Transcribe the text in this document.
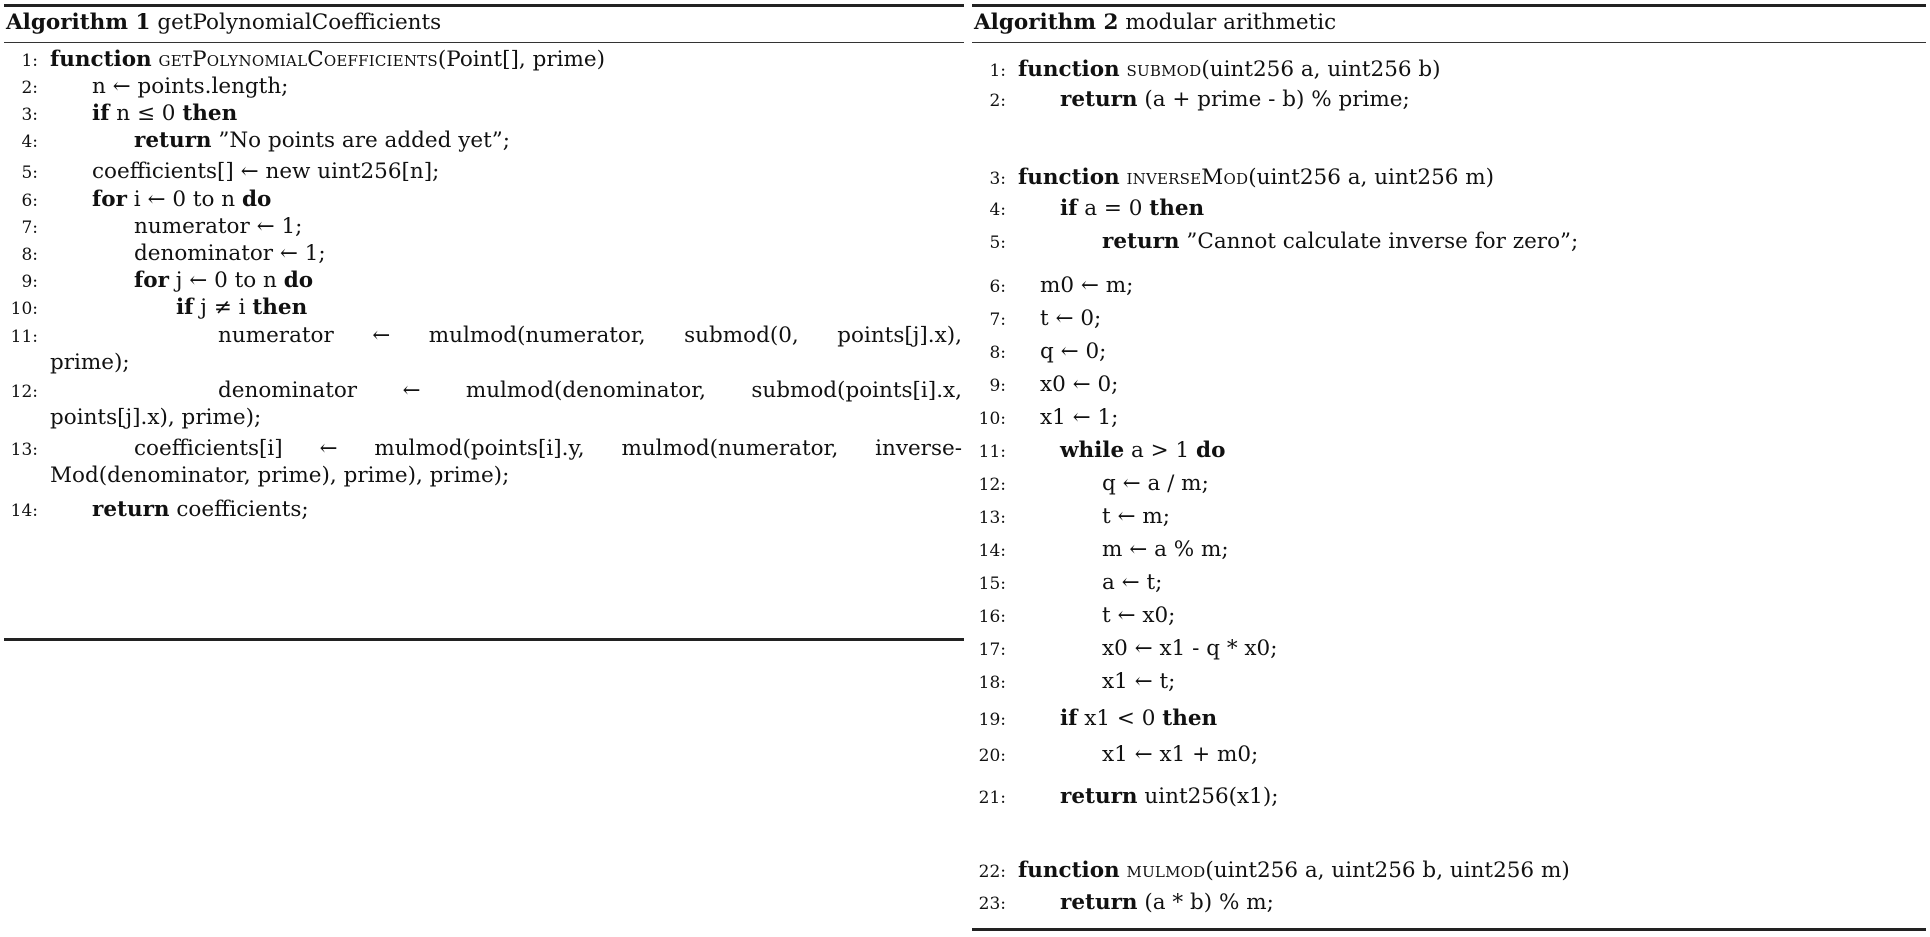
Algorithm 1 getPolynomialCoefficients
1: function getPolynomialCoefficients(Point[], prime)
2:	n ← points.length;
3:	if n ≤ 0 then
4:	return ”No points are added yet”;
5:	coefficients[] ← new uint256[n];
6:	for i ← 0 to n do
7:	numerator ← 1;
8:	denominator ← 1;
9:	for j ← 0 to n do
10:	if j ≠ i then
11:	numerator ← mulmod(numerator, submod(0, points[j].x),
prime);
12:	denominator ← mulmod(denominator, submod(points[i].x,
points[j].x), prime);
13:	coefficients[i] ← mulmod(points[i].y, mulmod(numerator, inverse-
Mod(denominator, prime), prime), prime);
14:	return coefficients;
Algorithm 2 modular arithmetic
1: function submod(uint256 a, uint256 b)
2:	return (a + prime - b) % prime;
3: function inverseMod(uint256 a, uint256 m)
4:	if a = 0 then
5:	return ”Cannot calculate inverse for zero”;
6: m0 ← m;
7: t ← 0;
8: q ← 0;
9: x0 ← 0;
10: x1 ← 1;
11:	while a > 1 do
12:	q ← a / m;
13:	t ← m;
14:	m ← a % m;
15:	a ← t;
16:	t ← x0;
17:	x0 ← x1 - q * x0;
18:	x1 ← t;
19:	if x1 < 0 then
20:	x1 ← x1 + m0;
21:	return uint256(x1);
22: function mulmod(uint256 a, uint256 b, uint256 m)
23:	return (a * b) % m;
